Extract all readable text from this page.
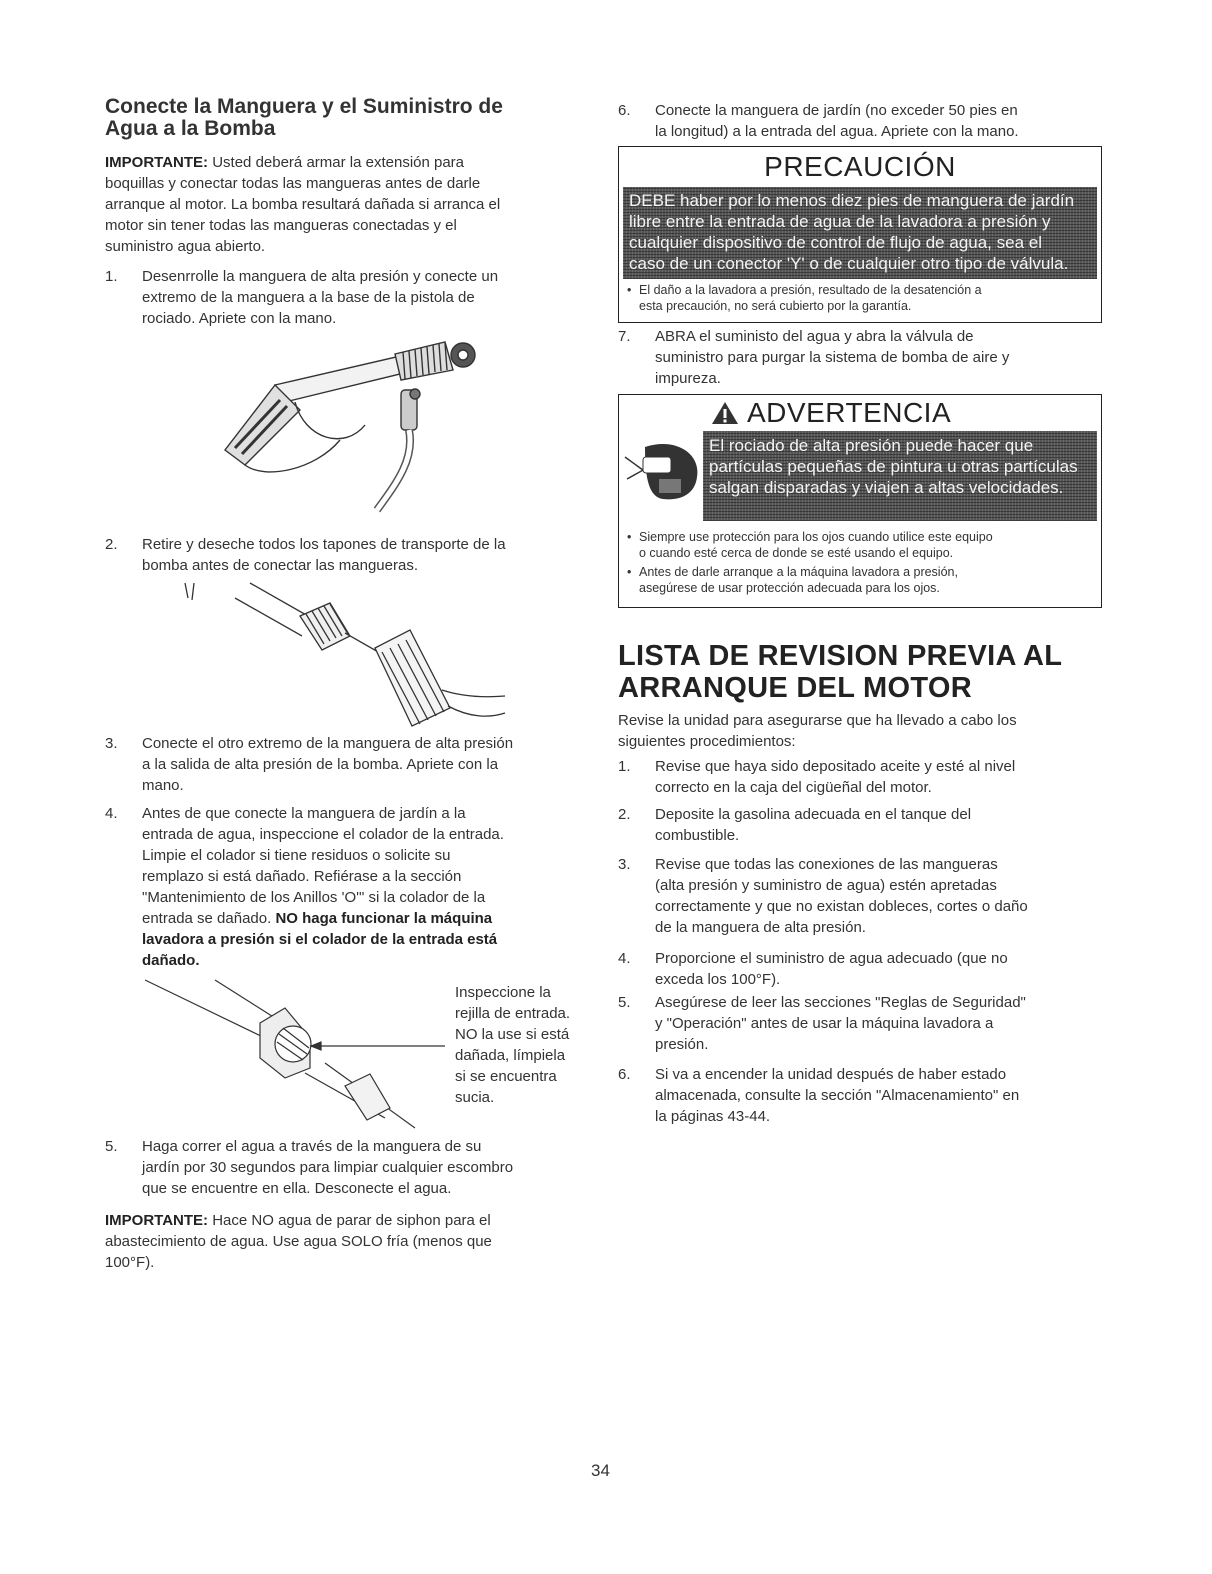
Conecte la Manguera y el Suministro de
Agua a la Bomba
IMPORTANTE: Usted deberá armar la extensión para
boquillas y conectar todas las mangueras antes de darle
arranque al motor. La bomba resultará dañada si arranca el
motor sin tener todas las mangueras conectadas y el
suministro agua abierto.
1.	Desenrrolle la manguera de alta presión y conecte un
extremo de la manguera a la base de la pistola de
rociado. Apriete con la mano.
2.	Retire y deseche todos los tapones de transporte de la
bomba antes de conectar las mangueras.
3.	Conecte el otro extremo de la manguera de alta presión
a la salida de alta presión de la bomba. Apriete con la
mano.
4.	Antes de que conecte la manguera de jardín a la
entrada de agua, inspeccione el colador de la entrada.
Limpie el colador si tiene residuos o solicite su
remplazo si está dañado. Refiérase a la sección
"Mantenimiento de los Anillos 'O'" si la colador de la
entrada se dañado. NO haga funcionar la máquina
lavadora a presión si el colador de la entrada está
dañado.
Inspeccione la
rejilla de entrada.
NO la use si está
dañada, límpiela
si se encuentra
sucia.
5.	Haga correr el agua a través de la manguera de su
jardín por 30 segundos para limpiar cualquier escombro
que se encuentre en ella. Desconecte el agua.
IMPORTANTE: Hace NO agua de parar de siphon para el
abastecimiento de agua. Use agua SOLO fría (menos que
100°F).
6.	Conecte la manguera de jardín (no exceder 50 pies en
la longitud) a la entrada del agua. Apriete con la mano.
PRECAUCIÓN
DEBE haber por lo menos diez pies de manguera de jardín
libre entre la entrada de agua de la lavadora a presión y
cualquier dispositivo de control de flujo de agua, sea el
caso de un conector 'Y' o de cualquier otro tipo de válvula.
• El daño a la lavadora a presión, resultado de la desatención a
esta precaución, no será cubierto por la garantía.
7.	ABRA el suministo del agua y abra la válvula de
suministro para purgar la sistema de bomba de aire y
impureza.
ADVERTENCIA
El rociado de alta presión puede hacer que
partículas pequeñas de pintura u otras partículas
salgan disparadas y viajen a altas velocidades.
• Siempre use protección para los ojos cuando utilice este equipo
o cuando esté cerca de donde se esté usando el equipo.
• Antes de darle arranque a la máquina lavadora a presión,
asegúrese de usar protección adecuada para los ojos.
LISTA DE REVISION PREVIA AL
ARRANQUE DEL MOTOR
Revise la unidad para asegurarse que ha llevado a cabo los
siguientes procedimientos:
1.	Revise que haya sido depositado aceite y esté al nivel
correcto en la caja del cigüeñal del motor.
2.	Deposite la gasolina adecuada en el tanque del
combustible.
3.	Revise que todas las conexiones de las mangueras
(alta presión y suministro de agua) estén apretadas
correctamente y que no existan dobleces, cortes o daño
de la manguera de alta presión.
4.	Proporcione el suministro de agua adecuado (que no
exceda los 100°F).
5.	Asegúrese de leer las secciones "Reglas de Seguridad"
y "Operación" antes de usar la máquina lavadora a
presión.
6.	Si va a encender la unidad después de haber estado
almacenada, consulte la sección "Almacenamiento" en
la páginas 43-44.
34
